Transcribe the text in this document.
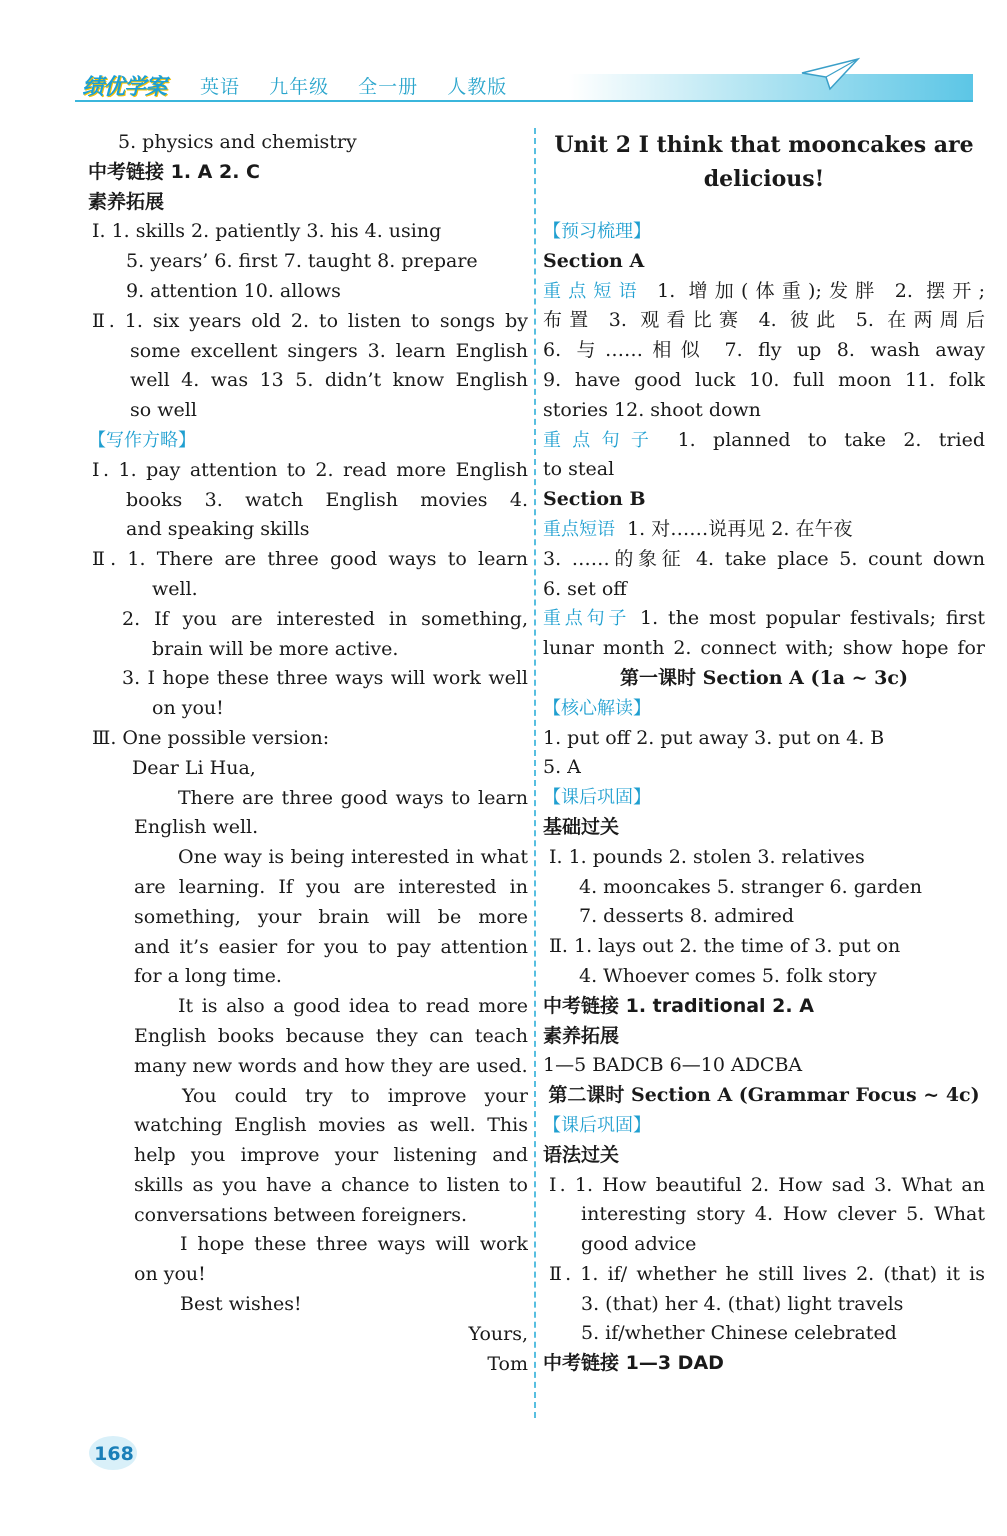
绩优学案	英语 九年级 全一册 人教版
5. physics and chemistry
中考链接 1. A 2. C
素养拓展
Ⅰ. 1. skills 2. patiently 3. his 4. using
5. years’ 6. first 7. taught 8. prepare
9. attention 10. allows
Ⅱ. 1. six years old 2. to listen to songs by
some excellent singers 3. learn English
well 4. was 13 5. didn’t know English
so well
【写作方略】
Ⅰ. 1. pay attention to 2. read more English
books 3. watch English movies 4.
and speaking skills
Ⅱ. 1. There are three good ways to learn
well.
2. If you are interested in something,
brain will be more active.
3. I hope these three ways will work well
on you!
Ⅲ. One possible version:
Dear Li Hua,
There are three good ways to learn
English well.
One way is being interested in what
are learning. If you are interested in
something, your brain will be more
and it’s easier for you to pay attention
for a long time.
It is also a good idea to read more
English books because they can teach
many new words and how they are used.
You could try to improve your
watching English movies as well. This
help you improve your listening and
skills as you have a chance to listen to
conversations between foreigners.
I hope these three ways will work
on you!
Best wishes!
Yours,
Tom
Unit 2 I think that mooncakes are
delicious!
【预习梳理】
Section A
重点短语 1. 增加(体重);发胖 2. 摆开;
布置 3. 观看比赛 4. 彼此 5. 在两周后
6. 与……相似 7. fly up 8. wash away
9. have good luck 10. full moon 11. folk
stories 12. shoot down
重点句子 1. planned to take 2. tried
to steal
Section B
重点短语 1. 对……说再见 2. 在午夜
3. ……的象征 4. take place 5. count down
6. set off
重点句子 1. the most popular festivals; first
lunar month 2. connect with; show hope for
第一课时 Section A (1a ~ 3c)
【核心解读】
1. put off 2. put away 3. put on 4. B
5. A
【课后巩固】
基础过关
Ⅰ. 1. pounds 2. stolen 3. relatives
4. mooncakes 5. stranger 6. garden
7. desserts 8. admired
Ⅱ. 1. lays out 2. the time of 3. put on
4. Whoever comes 5. folk story
中考链接 1. traditional 2. A
素养拓展
1—5 BADCB 6—10 ADCBA
第二课时 Section A (Grammar Focus ~ 4c)
【课后巩固】
语法过关
Ⅰ. 1. How beautiful 2. How sad 3. What an
interesting story 4. How clever 5. What
good advice
Ⅱ. 1. if/ whether he still lives 2. (that) it is
3. (that) her 4. (that) light travels
5. if/whether Chinese celebrated
中考链接 1—3 DAD
168
